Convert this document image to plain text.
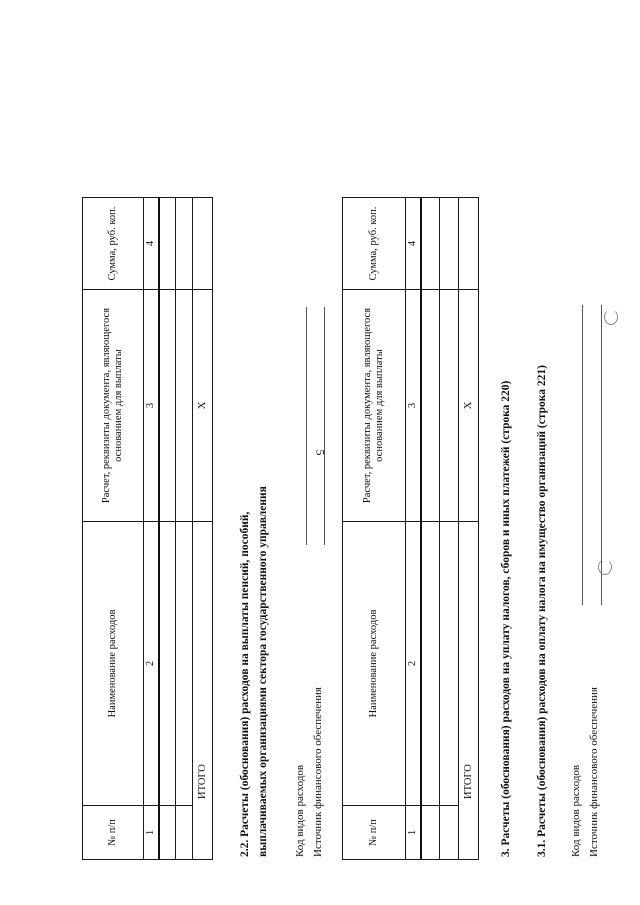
5
№ п/п	Наименование расходов	Расчет, реквизиты документа, являющегося основанием для выплаты	Сумма, руб. коп.
1	2	3	4

ИТОГО		X	
2.2. Расчеты (обоснования) расходов на выплаты пенсий, пособий, выплачиваемых организациями сектора государственного управления Код видов расходов Источник финансового обеспечения	№ п/п	Наименование расходов	Расчет, реквизиты документа, являющегося основанием для выплаты	Сумма, руб. коп.
1	2	3	4

ИТОГО		X	3. Расчеты (обоснования) расходов на уплату налогов, сборов и иных платежей (строка 220) 3.1. Расчеты (обоснования) расходов на оплату налога на имущество организаций (строка 221) Код видов расходов Источник финансового обеспечения
